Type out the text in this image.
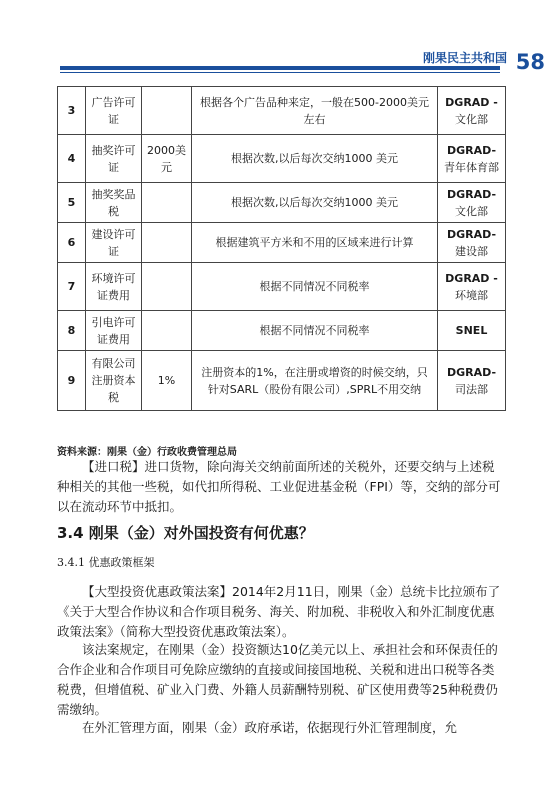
刚果民主共和国 58
3	广告许可证		根据各个广告品种来定，一般在500-2000美元左右	DGRAD -
文化部

4	抽奖许可证	2000美元	根据次数,以后每次交纳1000 美元	DGRAD-
青年体育部

5	抽奖奖品税		根据次数,以后每次交纳1000 美元	DGRAD-
文化部

6	建设许可证		根据建筑平方米和不用的区域来进行计算	DGRAD-
建设部

7	环境许可证费用		根据不同情况不同税率	DGRAD -
环境部

8	引电许可证费用		根据不同情况不同税率	SNEL

9	有限公司注册资本税	1%	注册资本的1%，在注册或增资的时候交纳，只针对SARL（股份有限公司）,SPRL不用交纳	DGRAD-
司法部
资料来源：刚果（金）行政收费管理总局
【进口税】进口货物，除向海关交纳前面所述的关税外，还要交纳与上述税种相关的其他一些税，如代扣所得税、工业促进基金税（FPI）等，交纳的部分可以在流动环节中抵扣。
3.4 刚果（金）对外国投资有何优惠？
3.4.1 优惠政策框架
【大型投资优惠政策法案】2014年2月11日，刚果（金）总统卡比拉颁布了《关于大型合作协议和合作项目税务、海关、附加税、非税收入和外汇制度优惠政策法案》（简称大型投资优惠政策法案）。
该法案规定，在刚果（金）投资额达10亿美元以上、承担社会和环保责任的合作企业和合作项目可免除应缴纳的直接或间接国地税、关税和进出口税等各类税费，但增值税、矿业入门费、外籍人员薪酬特别税、矿区使用费等25种税费仍需缴纳。
在外汇管理方面，刚果（金）政府承诺，依据现行外汇管理制度，允
